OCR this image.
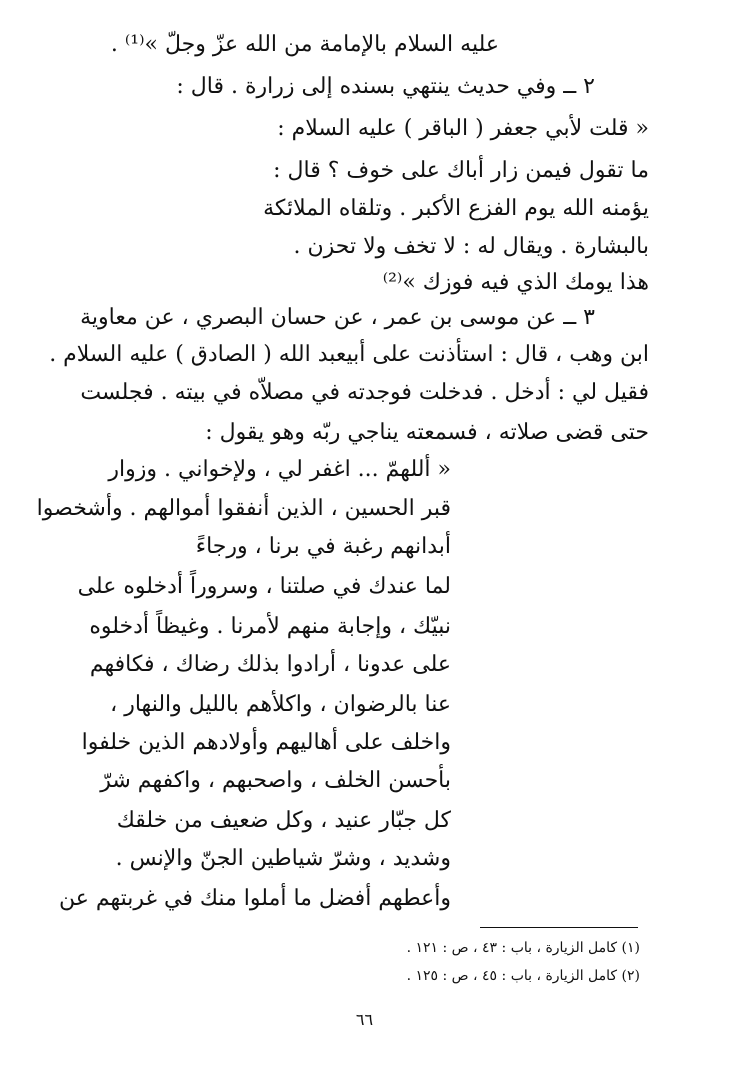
عليه السلام بالإمامة من الله عزّ وجلّ »⁽¹⁾ .
٢ ــ وفي حديث ينتهي بسنده إلى زرارة . قال :
« قلت لأبي جعفر ( الباقر ) عليه السلام :
ما تقول فيمن زار أباك على خوف ؟ قال :
يؤمنه الله يوم الفزع الأكبر . وتلقاه الملائكة
بالبشارة . ويقال له : لا تخف ولا تحزن .
هذا يومك الذي فيه فوزك »⁽²⁾
٣ ــ عن موسى بن عمر ، عن حسان البصري ، عن معاوية
ابن وهب ، قال : استأذنت على أبيعبد الله ( الصادق ) عليه السلام .
فقيل لي : أدخل . فدخلت فوجدته في مصلاّه في بيته . فجلست
حتى قضى صلاته ، فسمعته يناجي ربّه وهو يقول :
« أللهمّ ... اغفر لي ، ولإخواني . وزوار
قبر الحسين ، الذين أنفقوا أموالهم . وأشخصوا
أبدانهم رغبة في برنا ، ورجاءً
لما عندك في صلتنا ، وسروراً أدخلوه على
نبيّك ، وإجابة منهم لأمرنا . وغيظاً أدخلوه
على عدونا ، أرادوا بذلك رضاك ، فكافهم
عنا بالرضوان ، واكلأهم بالليل والنهار ،
واخلف على أهاليهم وأولادهم الذين خلفوا
بأحسن الخلف ، واصحبهم ، واكفهم شرّ
كل جبّار عنيد ، وكل ضعيف من خلقك
وشديد ، وشرّ شياطين الجنّ والإنس .
وأعطهم أفضل ما أملوا منك في غربتهم عن
(١) كامل الزيارة ، باب : ٤٣ ، ص : ١٢١ .
(٢) كامل الزيارة ، باب : ٤٥ ، ص : ١٢٥ .
٦٦
